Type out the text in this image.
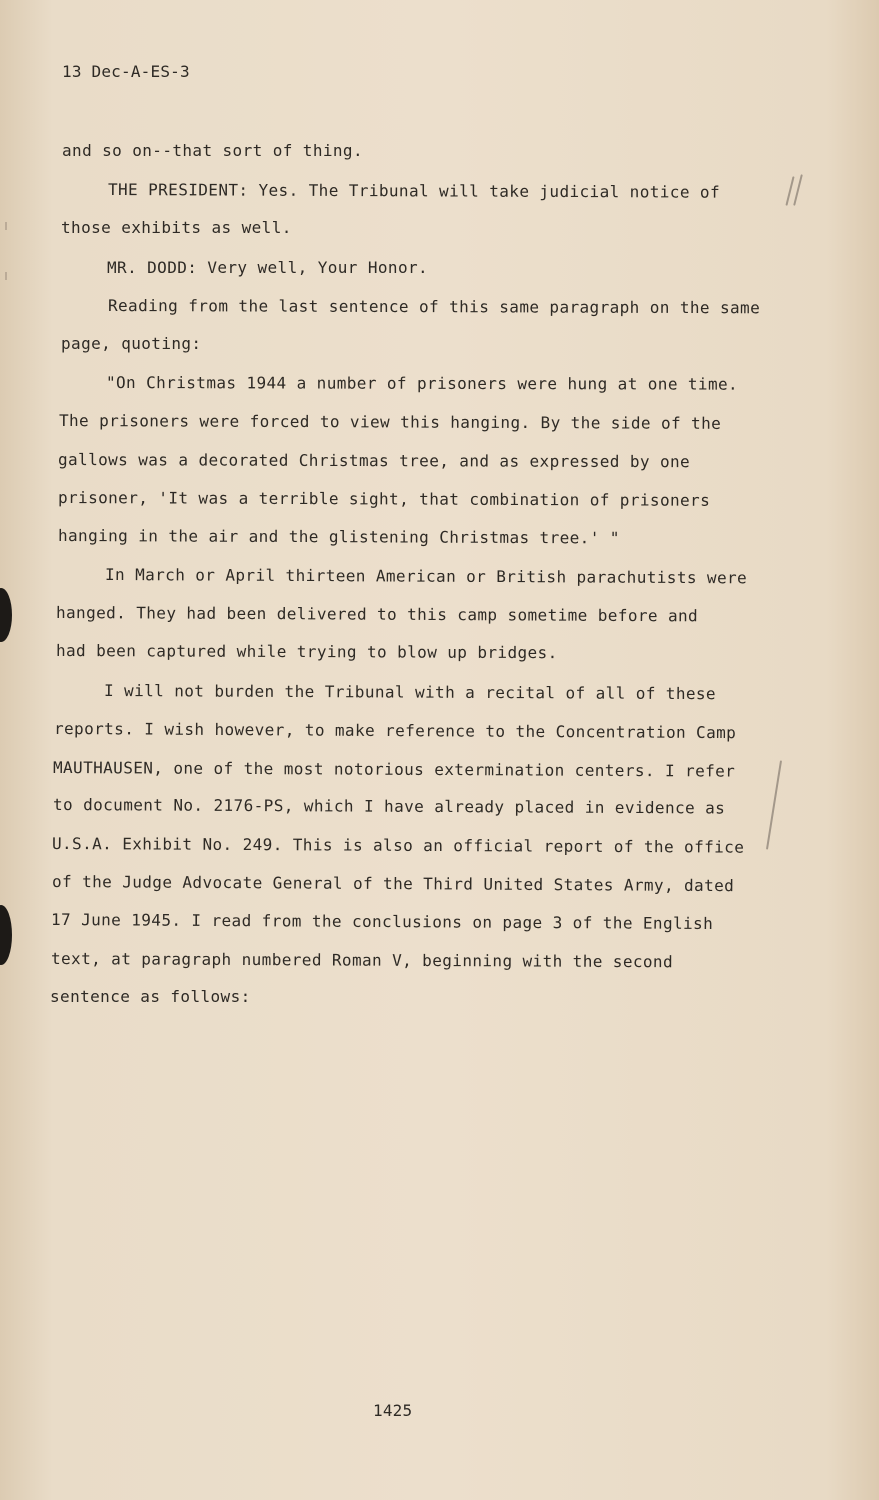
13 Dec-A-ES-3
and so on--that sort of thing.
THE PRESIDENT: Yes. The Tribunal will take judicial notice of
those exhibits as well.
MR. DODD: Very well, Your Honor.
Reading from the last sentence of this same paragraph on the same
page, quoting:
"On Christmas 1944 a number of prisoners were hung at one time.
The prisoners were forced to view this hanging. By the side of the
gallows was a decorated Christmas tree, and as expressed by one
prisoner, 'It was a terrible sight, that combination of prisoners
hanging in the air and the glistening Christmas tree.' "
In March or April thirteen American or British parachutists were
hanged. They had been delivered to this camp sometime before and
had been captured while trying to blow up bridges.
I will not burden the Tribunal with a recital of all of these
reports. I wish however, to make reference to the Concentration Camp
MAUTHAUSEN, one of the most notorious extermination centers. I refer
to document No. 2176-PS, which I have already placed in evidence as
U.S.A. Exhibit No. 249. This is also an official report of the office
of the Judge Advocate General of the Third United States Army, dated
17 June 1945. I read from the conclusions on page 3 of the English
text, at paragraph numbered Roman V, beginning with the second
sentence as follows:
1425
